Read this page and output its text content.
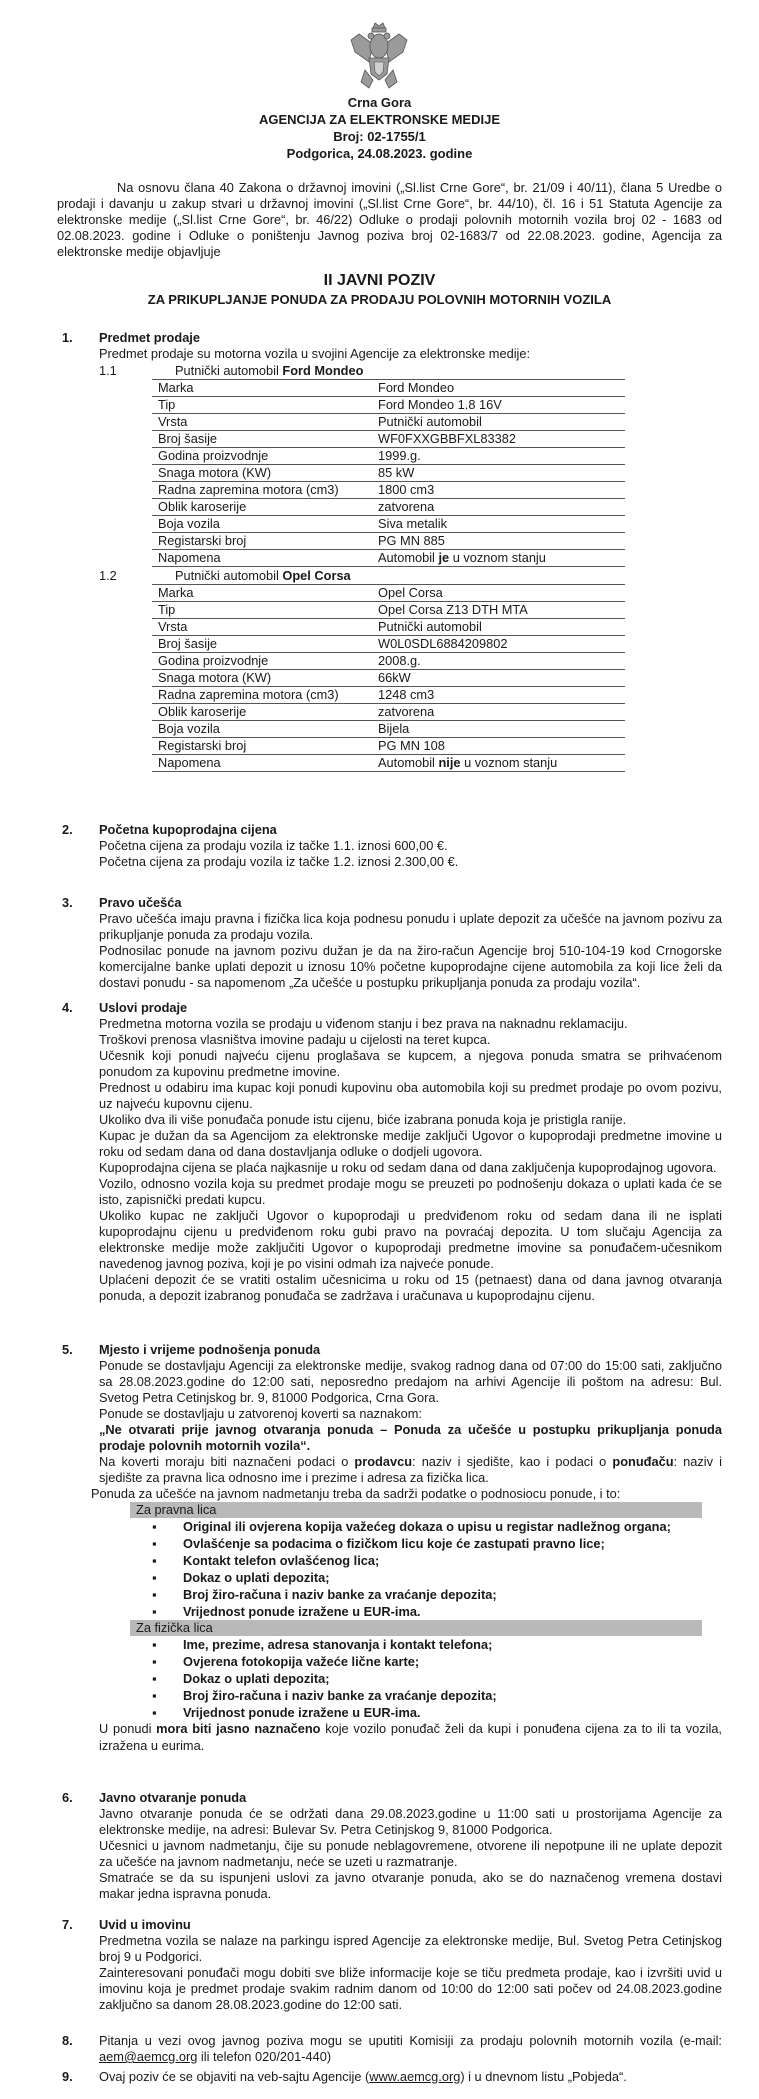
Crna Gora
AGENCIJA ZA ELEKTRONSKE MEDIJE
Broj: 02-1755/1
Podgorica, 24.08.2023. godine

Na osnovu člana 40 Zakona o državnoj imovini („Sl.list Crne Gore“, br. 21/09 i 40/11), člana 5 Uredbe o prodaji i davanju u zakup stvari u državnoj imovini („Sl.list Crne Gore“, br. 44/10), čl. 16 i 51 Statuta Agencije za elektronske medije („Sl.list Crne Gore“, br. 46/22) Odluke o prodaji polovnih motornih vozila broj 02 - 1683 od 02.08.2023. godine i Odluke o poništenju Javnog poziva broj 02-1683/7 od 22.08.2023. godine, Agencija za elektronske medije objavljuje

II JAVNI POZIV
ZA PRIKUPLJANJE PONUDA ZA PRODAJU POLOVNIH MOTORNIH VOZILA
1. Predmet prodaje
Predmet prodaje su motorna vozila u svojini Agencije za elektronske medije:
1.1	Putnički automobil Ford Mondeo
Marka	Ford Mondeo
Tip	Ford Mondeo 1.8 16V
Vrsta	Putnički automobil
Broj šasije	WF0FXXGBBFXL83382
Godina proizvodnje	1999.g.
Snaga motora (KW)	85 kW
Radna zapremina motora (cm3)	1800 cm3
Oblik karoserije	zatvorena
Boja vozila	Siva metalik
Registarski broj	PG MN 885
Napomena	Automobil je u voznom stanju
1.2	Putnički automobil Opel Corsa
Marka	Opel Corsa
Tip	Opel Corsa Z13 DTH MTA
Vrsta	Putnički automobil
Broj šasije	W0L0SDL6884209802
Godina proizvodnje	2008.g.
Snaga motora (KW)	66kW
Radna zapremina motora (cm3)	1248 cm3
Oblik karoserije	zatvorena
Boja vozila	Bijela
Registarski broj	PG MN 108
Napomena	Automobil nije u voznom stanju
2. Početna kupoprodajna cijena
Početna cijena za prodaju vozila iz tačke 1.1. iznosi 600,00 €.
Početna cijena za prodaju vozila iz tačke 1.2. iznosi 2.300,00 €.
3. Pravo učešća

Pravo učešća imaju pravna i fizička lica koja podnesu ponudu i uplate depozit za učešće na javnom pozivu za prikupljanje ponuda za prodaju vozila.

Podnosilac ponude na javnom pozivu dužan je da na žiro-račun Agencije broj 510-104-19 kod Crnogorske komercijalne banke uplati depozit u iznosu 10% početne kupoprodajne cijene automobila za koji lice želi da dostavi ponudu - sa napomenom „Za učešće u postupku prikupljanja ponuda za prodaju vozila“.

4. Uslovi prodaje

Predmetna motorna vozila se prodaju u viđenom stanju i bez prava na naknadnu reklamaciju.

Troškovi prenosa vlasništva imovine padaju u cijelosti na teret kupca.

Učesnik koji ponudi najveću cijenu proglašava se kupcem, a njegova ponuda smatra se prihvaćenom ponudom za kupovinu predmetne imovine.

Prednost u odabiru ima kupac koji ponudi kupovinu oba automobila koji su predmet prodaje po ovom pozivu, uz najveću kupovnu cijenu.

Ukoliko dva ili više ponuđača ponude istu cijenu, biće izabrana ponuda koja je pristigla ranije.

Kupac je dužan da sa Agencijom za elektronske medije zaključi Ugovor o kupoprodaji predmetne imovine u roku od sedam dana od dana dostavljanja odluke o dodjeli ugovora.

Kupoprodajna cijena se plaća najkasnije u roku od sedam dana od dana zaključenja kupoprodajnog ugovora.

Vozilo, odnosno vozila koja su predmet prodaje mogu se preuzeti po podnošenju dokaza o uplati kada će se isto, zapisnički predati kupcu.

Ukoliko kupac ne zaključi Ugovor o kupoprodaji u predviđenom roku od sedam dana ili ne isplati kupoprodajnu cijenu u predviđenom roku gubi pravo na povraćaj depozita. U tom slučaju Agencija za elektronske medije može zaključiti Ugovor o kupoprodaji predmetne imovine sa ponuđačem-učesnikom navedenog javnog poziva, koji je po visini odmah iza najveće ponude.

Uplaćeni depozit će se vratiti ostalim učesnicima u roku od 15 (petnaest) dana od dana javnog otvaranja ponuda, a depozit izabranog ponuđača se zadržava i uračunava u kupoprodajnu cijenu.

5. Mjesto i vrijeme podnošenja ponuda

Ponude se dostavljaju Agenciji za elektronske medije, svakog radnog dana od 07:00 do 15:00 sati, zaključno sa 28.08.2023.godine do 12:00 sati, neposredno predajom na arhivi Agencije ili poštom na adresu: Bul. Svetog Petra Cetinjskog br. 9, 81000 Podgorica, Crna Gora.

Ponude se dostavljaju u zatvorenoj koverti sa naznakom:

„Ne otvarati prije javnog otvaranja ponuda – Ponuda za učešće u postupku prikupljanja ponuda prodaje polovnih motornih vozila“.

Na koverti moraju biti naznačeni podaci o prodavcu: naziv i sjedište, kao i podaci o ponuđaču: naziv i sjedište za pravna lica odnosno ime i prezime i adresa za fizička lica.

Ponuda za učešće na javnom nadmetanju treba da sadrži podatke o podnosiocu ponude, i to:

Za pravna lica
▪ Original ili ovjerena kopija važećeg dokaza o upisu u registar nadležnog organa;
▪ Ovlašćenje sa podacima o fizičkom licu koje će zastupati pravno lice;
▪ Kontakt telefon ovlašćenog lica;
▪ Dokaz o uplati depozita;
▪ Broj žiro-računa i naziv banke za vraćanje depozita;
▪ Vrijednost ponude izražene u EUR-ima.
Za fizička lica
▪ Ime, prezime, adresa stanovanja i kontakt telefona;
▪ Ovjerena fotokopija važeće lične karte;
▪ Dokaz o uplati depozita;
▪ Broj žiro-računa i naziv banke za vraćanje depozita;
▪ Vrijednost ponude izražene u EUR-ima.

U ponudi mora biti jasno naznačeno koje vozilo ponuđač želi da kupi i ponuđena cijena za to ili ta vozila, izražena u eurima.

6. Javno otvaranje ponuda

Javno otvaranje ponuda će se održati dana 29.08.2023.godine u 11:00 sati u prostorijama Agencije za elektronske medije, na adresi: Bulevar Sv. Petra Cetinjskog 9, 81000 Podgorica.

Učesnici u javnom nadmetanju, čije su ponude neblagovremene, otvorene ili nepotpune ili ne uplate depozit za učešće na javnom nadmetanju, neće se uzeti u razmatranje.

Smatraće se da su ispunjeni uslovi za javno otvaranje ponuda, ako se do naznačenog vremena dostavi makar jedna ispravna ponuda.

7. Uvid u imovinu

Predmetna vozila se nalaze na parkingu ispred Agencije za elektronske medije, Bul. Svetog Petra Cetinjskog broj 9 u Podgorici.

Zainteresovani ponuđači mogu dobiti sve bliže informacije koje se tiču predmeta prodaje, kao i izvršiti uvid u imovinu koja je predmet prodaje svakim radnim danom od 10:00 do 12:00 sati počev od 24.08.2023.godine zaključno sa danom 28.08.2023.godine do 12:00 sati.

8. Pitanja u vezi ovog javnog poziva mogu se uputiti Komisiji za prodaju polovnih motornih vozila (e-mail: aem@aemcg.org ili telefon 020/201-440)

9. Ovaj poziv će se objaviti na veb-sajtu Agencije (www.aemcg.org) i u dnevnom listu „Pobjeda“.
